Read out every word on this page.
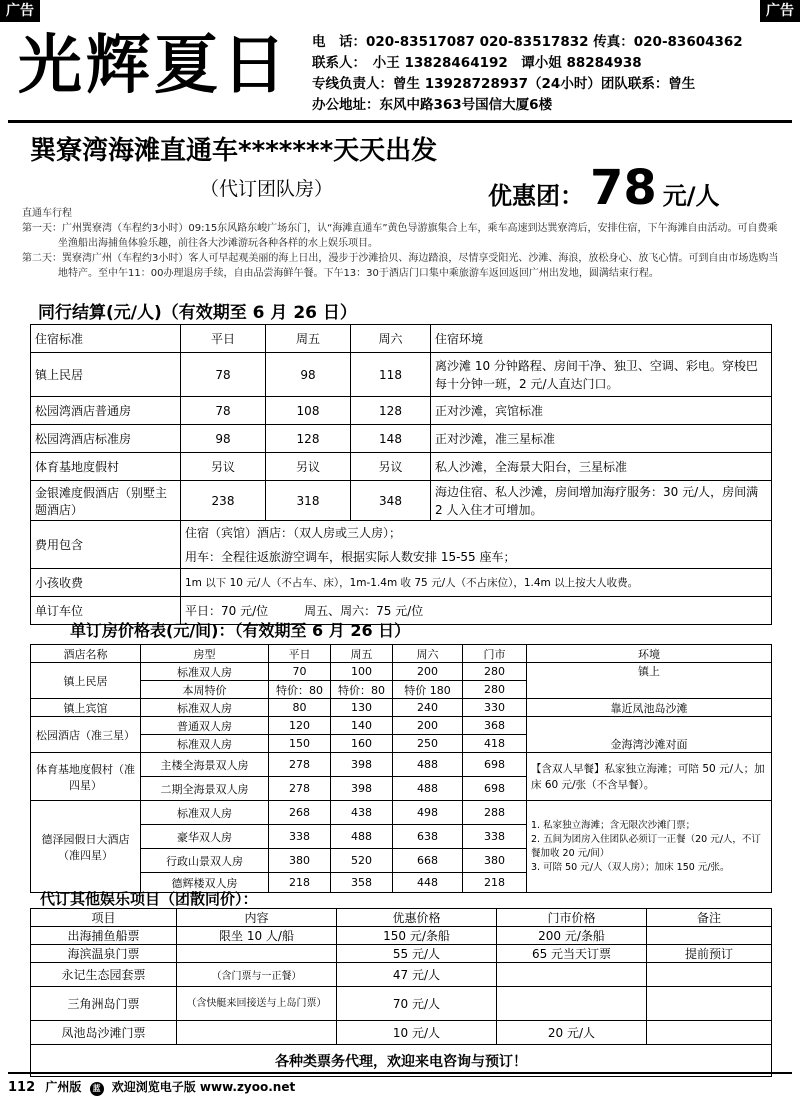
广告	广告
光辉夏日 电　话：020-83517087 020-83517832 传真：020-83604362
联系人：　小王 13828464192　谭小姐 88284938
专线负责人：曾生 13928728937（24小时）团队联系：曾生
办公地址：东风中路363号国信大厦6楼
巽寮湾海滩直通车*******天天出发
（代订团队房）	优惠团： 78 元/人
直通车行程

第一天：广州巽寮湾（车程约3小时）09:15东风路东峻广场东门，认“海滩直通车”黄色导游旗集合上车，乘车高速到达巽寮湾后，安排住宿，下午海滩自由活动。可自费乘坐渔船出海捕鱼体验乐趣，前往各大沙滩游玩各种各样的水上娱乐项目。

第二天：巽寮湾广州（车程约3小时）客人可早起观美丽的海上日出，漫步于沙滩拾贝、海边踏浪，尽情享受阳光、沙滩、海浪，放松身心、放飞心情。可到自由市场选购当地特产。至中午11：00办理退房手续，自由品尝海鲜午餐。下午13：30于酒店门口集中乘旅游车返回返回广州出发地，圆满结束行程。

同行结算(元/人)（有效期至 6 月 26 日）
住宿标准	平日	周五	周六	住宿环境
镇上民居	78	98	118	离沙滩 10 分钟路程、房间干净、独卫、空调、彩电。穿梭巴每十分钟一班，2 元/人直达门口。
松园湾酒店普通房	78	108	128	正对沙滩，宾馆标准
松园湾酒店标准房	98	128	148	正对沙滩，准三星标准
体育基地度假村	另议	另议	另议	私人沙滩，全海景大阳台，三星标准
金银滩度假酒店（别墅主题酒店）	238	318	348	海边住宿、私人沙滩，房间增加海疗服务：30 元/人，房间满 2 人入住才可增加。
费用包含	住宿（宾馆）酒店：（双人房或三人房）；			
	用车：全程往返旅游空调车，根据实际人数安排 15-55 座车；			
小孩收费	1m 以下 10 元/人（不占车、床），1m-1.4m 收 75 元/人（不占床位），1.4m 以上按大人收费。			
单订车位	平日：70 元/位　　　周五、周六：75 元/位			
单订房价格表(元/间)：（有效期至 6 月 26 日）
酒店名称	房型	平日	周五	周六	门市	环境
镇上民居	标准双人房	70	100	200	280	镇上
	本周特价	特价：80	特价：80	特价 180	280	
镇上宾馆	标准双人房	80	130	240	330	靠近凤池岛沙滩
松园酒店（准三星）	普通双人房	120	140	200	368	金海湾沙滩对面
	标准双人房	150	160	250	418	
体育基地度假村（准四星）	主楼全海景双人房	278	398	488	698	【含双人早餐】私家独立海滩；可陪 50 元/人；加床 60 元/张（不含早餐）。
	二期全海景双人房	278	398	488	698	
德泽园假日大酒店（准四星）	标准双人房	268	438	498	288	1. 私家独立海滩；含无限次沙滩门票；
2. 五间为团房入住团队必须订一正餐（20 元/人，不订餐加收 20 元/间）
3. 可陪 50 元/人（双人房）；加床 150 元/张。

	豪华双人房	338	488	638	338	
	行政山景双人房	380	520	668	380	
	德辉楼双人房	218	358	448	218	
代订其他娱乐项目（团散同价）：
项目	内容	优惠价格	门市价格	备注
出海捕鱼船票	限坐 10 人/船	150 元/条船	200 元/条船	
海滨温泉门票		55 元/人	65 元当天订票	提前预订
永记生态园套票	（含门票与一正餐）	47 元/人		
三角洲岛门票	（含快艇来回接送与上岛门票）	70 元/人		
凤池岛沙滩门票		10 元/人	20 元/人	
各种类票务代理，欢迎来电咨询与预订！				
112 广州版 蓝 欢迎浏览电子版 www.zyoo.net
